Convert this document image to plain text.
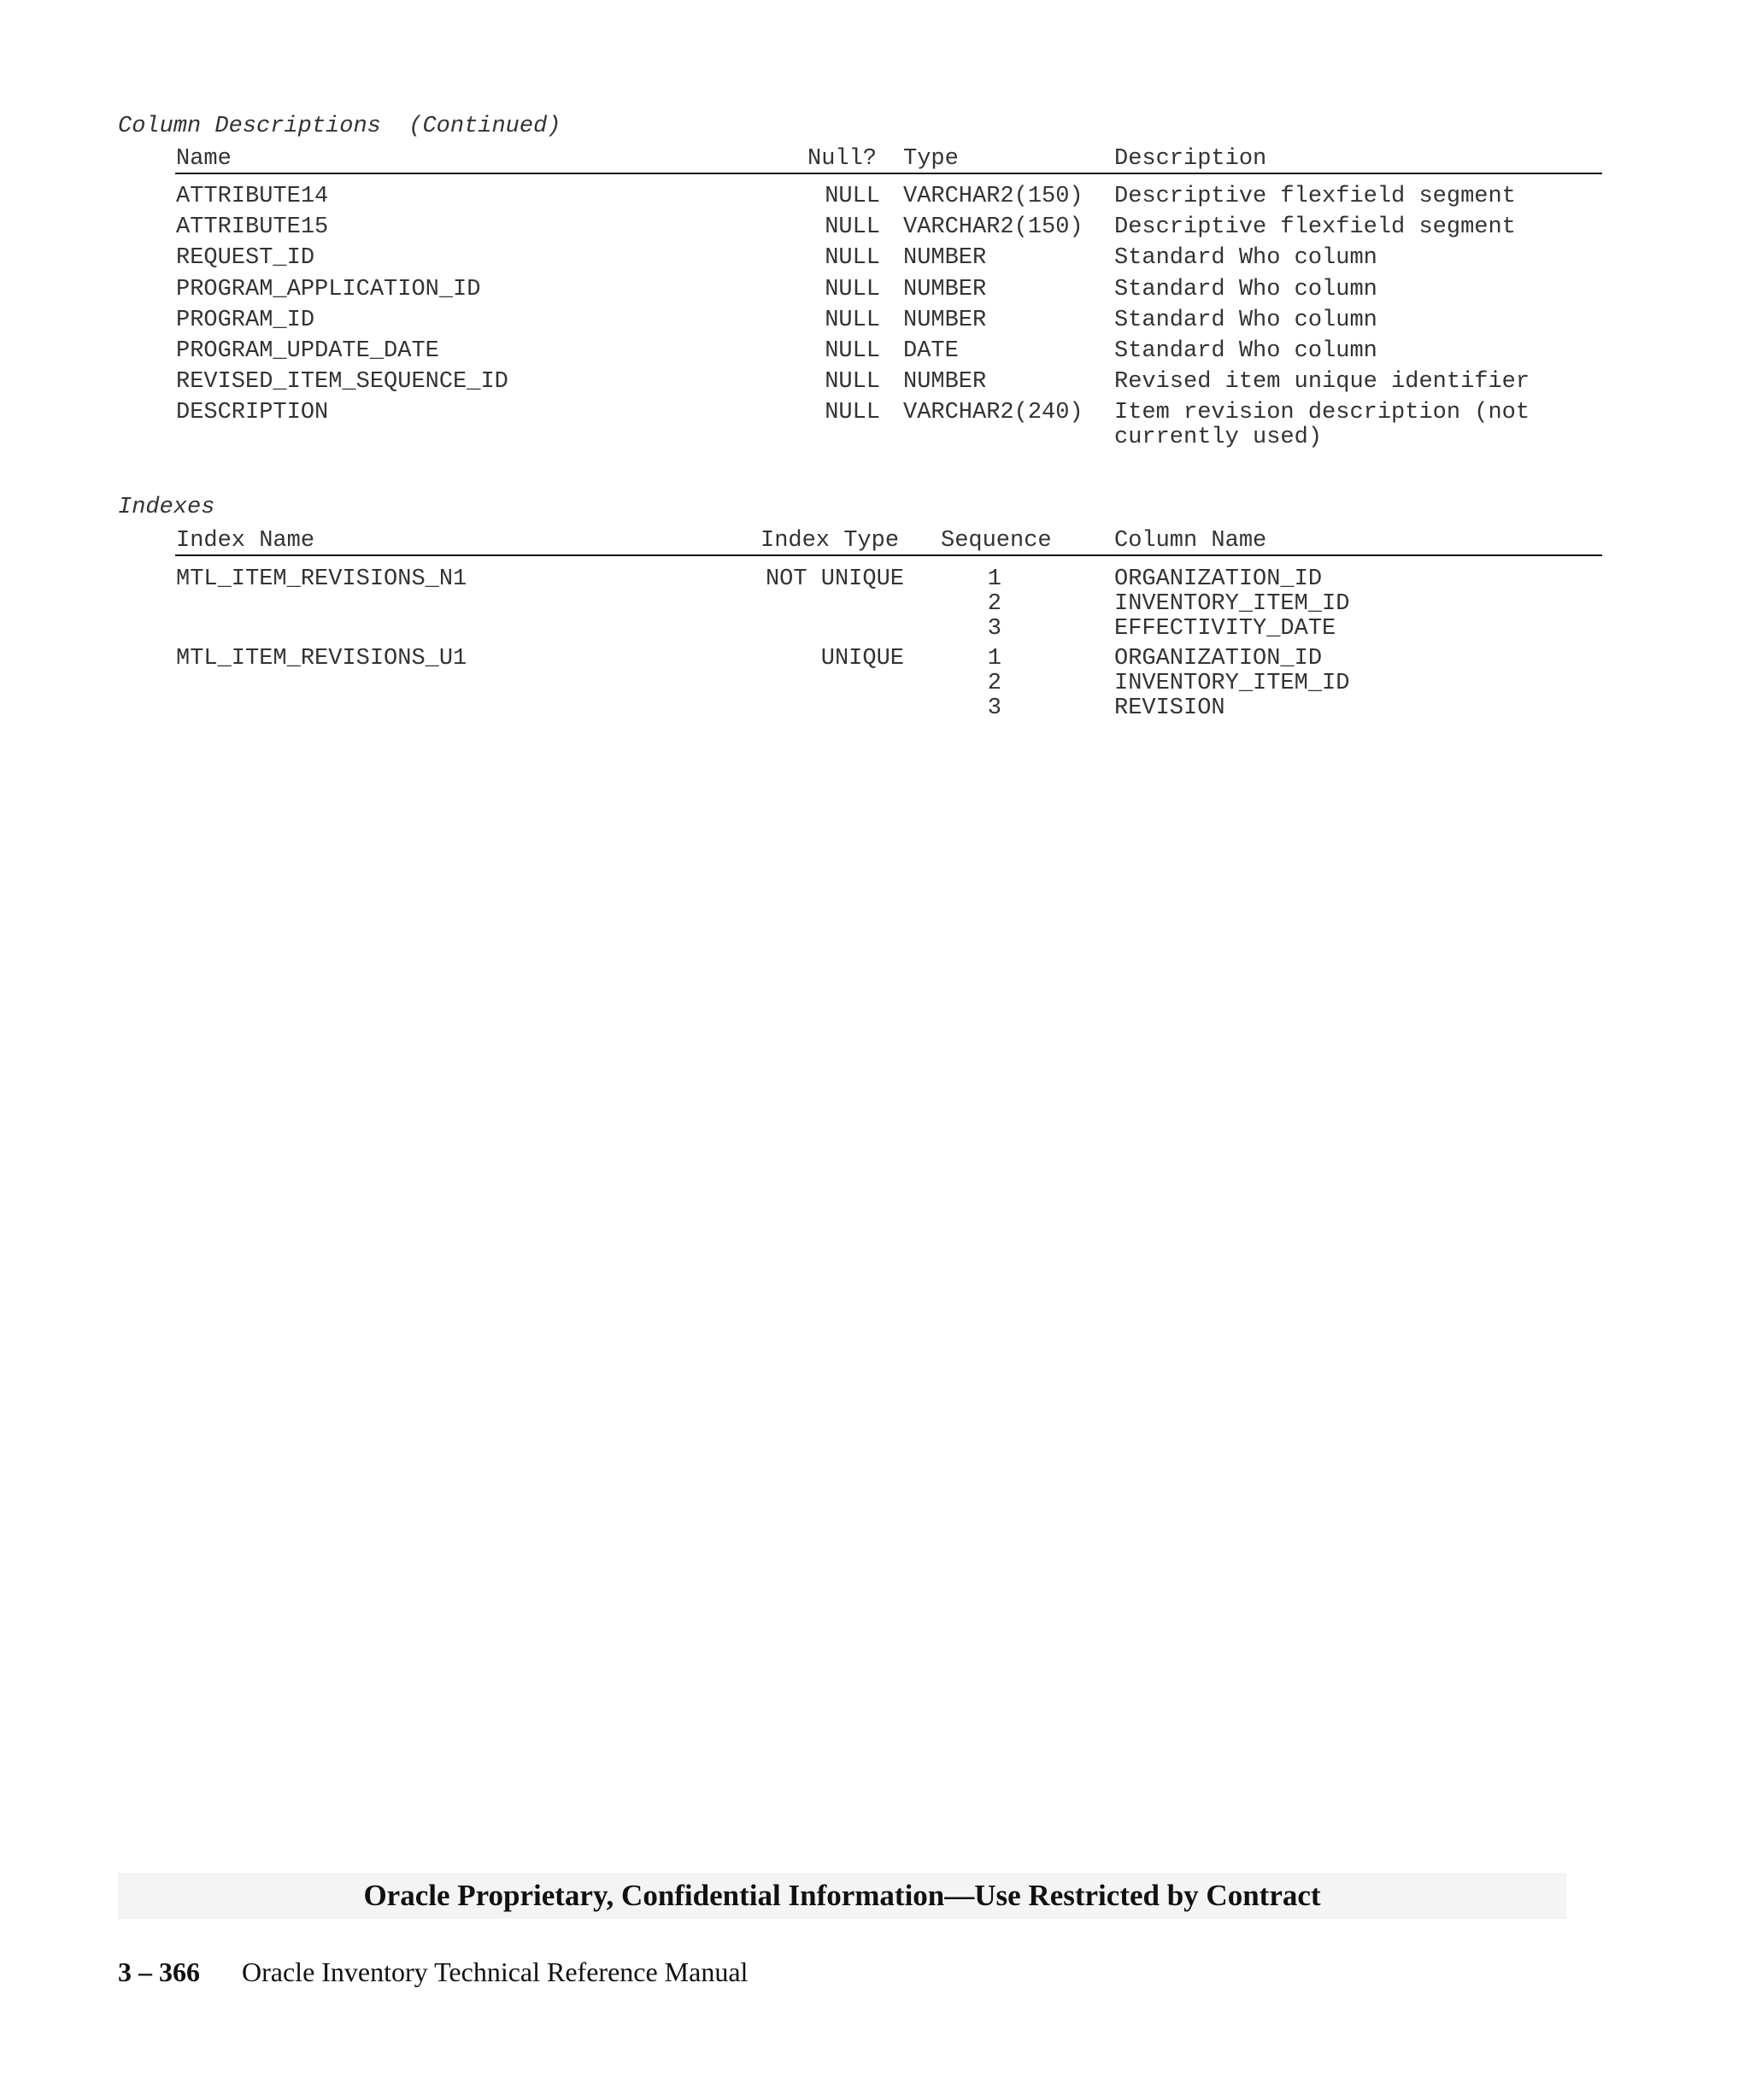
Column Descriptions (Continued)
Name	Null? Type	Description
ATTRIBUTE14	NULL VARCHAR2(150) Descriptive flexfield segment
ATTRIBUTE15	NULL VARCHAR2(150) Descriptive flexfield segment
REQUEST_ID	NULL NUMBER	Standard Who column
PROGRAM_APPLICATION_ID	NULL NUMBER	Standard Who column
PROGRAM_ID	NULL NUMBER	Standard Who column
PROGRAM_UPDATE_DATE	NULL DATE	Standard Who column
REVISED_ITEM_SEQUENCE_ID	NULL NUMBER	Revised item unique identifier
DESCRIPTION	NULL VARCHAR2(240) Item revision description (not
currently used)
Indexes
Index Name	Index Type Sequence	Column Name
MTL_ITEM_REVISIONS_N1	NOT UNIQUE	1	ORGANIZATION_ID
2	INVENTORY_ITEM_ID
3	EFFECTIVITY_DATE
MTL_ITEM_REVISIONS_U1	UNIQUE	1	ORGANIZATION_ID
2	INVENTORY_ITEM_ID
3	REVISION
Oracle Proprietary, Confidential Information––Use Restricted by Contract
3 – 366 Oracle Inventory Technical Reference Manual
